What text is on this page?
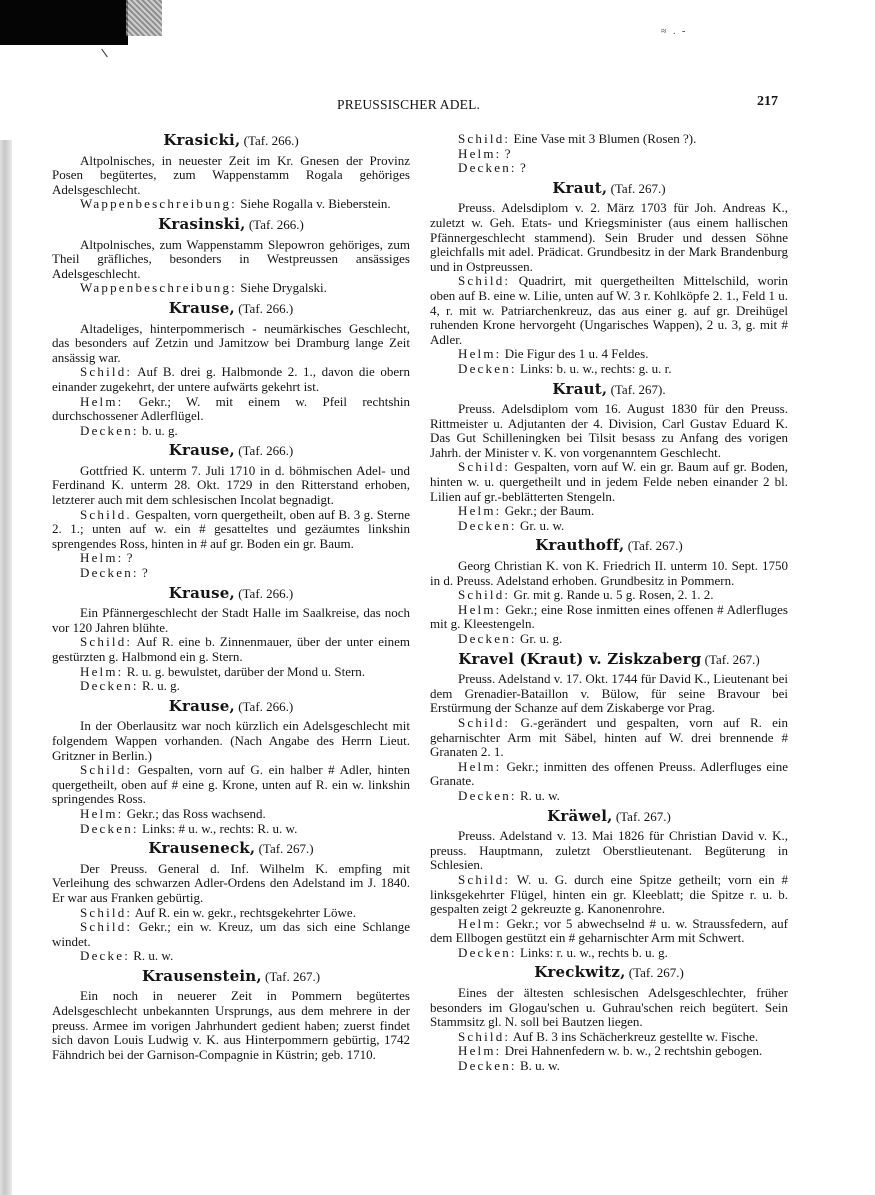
≈ . -
PREUSSISCHER ADEL.	217
Krasicki, (Taf. 266.)

Altpolnisches, in neuester Zeit im Kr. Gnesen der Provinz Posen begütertes, zum Wappenstamm Rogala gehöriges Adelsgeschlecht.

Wappenbeschreibung: Siehe Rogalla v. Bieberstein.

Krasinski, (Taf. 266.)

Altpolnisches, zum Wappenstamm Slepowron gehöriges, zum Theil gräfliches, besonders in Westpreussen ansässiges Adelsgeschlecht.

Wappenbeschreibung: Siehe Drygalski.

Krause, (Taf. 266.)

Altadeliges, hinterpommerisch - neumärkisches Geschlecht, das besonders auf Zetzin und Jamitzow bei Dramburg lange Zeit ansässig war.

Schild: Auf B. drei g. Halbmonde 2. 1., davon die obern einander zugekehrt, der untere aufwärts gekehrt ist.

Helm: Gekr.; W. mit einem w. Pfeil rechtshin durchschossener Adlerflügel.

Decken: b. u. g.

Krause, (Taf. 266.)

Gottfried K. unterm 7. Juli 1710 in d. böhmischen Adel- und Ferdinand K. unterm 28. Okt. 1729 in den Ritterstand erhoben, letzterer auch mit dem schlesischen Incolat begnadigt.

Schild. Gespalten, vorn quergetheilt, oben auf B. 3 g. Sterne 2. 1.; unten auf w. ein # gesatteltes und gezäumtes linkshin sprengendes Ross, hinten in # auf gr. Boden ein gr. Baum.

Helm: ?

Decken: ?

Krause, (Taf. 266.)

Ein Pfännergeschlecht der Stadt Halle im Saalkreise, das noch vor 120 Jahren blühte.

Schild: Auf R. eine b. Zinnenmauer, über der unter einem gestürzten g. Halbmond ein g. Stern.

Helm: R. u. g. bewulstet, darüber der Mond u. Stern.

Decken: R. u. g.

Krause, (Taf. 266.)

In der Oberlausitz war noch kürzlich ein Adelsgeschlecht mit folgendem Wappen vorhanden. (Nach Angabe des Herrn Lieut. Gritzner in Berlin.)

Schild: Gespalten, vorn auf G. ein halber # Adler, hinten quergetheilt, oben auf # eine g. Krone, unten auf R. ein w. linkshin springendes Ross.

Helm: Gekr.; das Ross wachsend.

Decken: Links: # u. w., rechts: R. u. w.

Krauseneck, (Taf. 267.)

Der Preuss. General d. Inf. Wilhelm K. empfing mit Verleihung des schwarzen Adler-Ordens den Adelstand im J. 1840. Er war aus Franken gebürtig.

Schild: Auf R. ein w. gekr., rechtsgekehrter Löwe.

Schild: Gekr.; ein w. Kreuz, um das sich eine Schlange windet.

Decke: R. u. w.

Krausenstein, (Taf. 267.)

Ein noch in neuerer Zeit in Pommern begütertes Adelsgeschlecht unbekannten Ursprungs, aus dem mehrere in der preuss. Armee im vorigen Jahrhundert gedient haben; zuerst findet sich davon Louis Ludwig v. K. aus Hinterpommern gebürtig, 1742 Fähndrich bei der Garnison-Compagnie in Küstrin; geb. 1710.

Schild: Eine Vase mit 3 Blumen (Rosen ?).

Helm: ?

Decken: ?

Kraut, (Taf. 267.)

Preuss. Adelsdiplom v. 2. März 1703 für Joh. Andreas K., zuletzt w. Geh. Etats- und Kriegsminister (aus einem hallischen Pfännergeschlecht stammend). Sein Bruder und dessen Söhne gleichfalls mit adel. Prädicat. Grundbesitz in der Mark Brandenburg und in Ostpreussen.

Schild: Quadrirt, mit quergetheilten Mittelschild, worin oben auf B. eine w. Lilie, unten auf W. 3 r. Kohlköpfe 2. 1., Feld 1 u. 4, r. mit w. Patriarchenkreuz, das aus einer g. auf gr. Dreihügel ruhenden Krone hervorgeht (Ungarisches Wappen), 2 u. 3, g. mit # Adler.

Helm: Die Figur des 1 u. 4 Feldes.

Decken: Links: b. u. w., rechts: g. u. r.

Kraut, (Taf. 267).

Preuss. Adelsdiplom vom 16. August 1830 für den Preuss. Rittmeister u. Adjutanten der 4. Division, Carl Gustav Eduard K. Das Gut Schilleningken bei Tilsit besass zu Anfang des vorigen Jahrh. der Minister v. K. von vorgenanntem Geschlecht.

Schild: Gespalten, vorn auf W. ein gr. Baum auf gr. Boden, hinten w. u. quergetheilt und in jedem Felde neben einander 2 bl. Lilien auf gr.-beblätterten Stengeln.

Helm: Gekr.; der Baum.

Decken: Gr. u. w.

Krauthoff, (Taf. 267.)

Georg Christian K. von K. Friedrich II. unterm 10. Sept. 1750 in d. Preuss. Adelstand erhoben. Grundbesitz in Pommern.

Schild: Gr. mit g. Rande u. 5 g. Rosen, 2. 1. 2.

Helm: Gekr.; eine Rose inmitten eines offenen # Adlerfluges mit g. Kleestengeln.

Decken: Gr. u. g.

Kravel (Kraut) v. Ziskzaberg (Taf. 267.)

Preuss. Adelstand v. 17. Okt. 1744 für David K., Lieutenant bei dem Grenadier-Bataillon v. Bülow, für seine Bravour bei Erstürmung der Schanze auf dem Ziskaberge vor Prag.

Schild: G.-gerändert und gespalten, vorn auf R. ein geharnischter Arm mit Säbel, hinten auf W. drei brennende # Granaten 2. 1.

Helm: Gekr.; inmitten des offenen Preuss. Adlerfluges eine Granate.

Decken: R. u. w.

Kräwel, (Taf. 267.)

Preuss. Adelstand v. 13. Mai 1826 für Christian David v. K., preuss. Hauptmann, zuletzt Oberstlieutenant. Begüterung in Schlesien.

Schild: W. u. G. durch eine Spitze getheilt; vorn ein # linksgekehrter Flügel, hinten ein gr. Kleeblatt; die Spitze r. u. b. gespalten zeigt 2 gekreuzte g. Kanonenrohre.

Helm: Gekr.; vor 5 abwechselnd # u. w. Straussfedern, auf dem Ellbogen gestützt ein # geharnischter Arm mit Schwert.

Decken: Links: r. u. w., rechts b. u. g.

Kreckwitz, (Taf. 267.)

Eines der ältesten schlesischen Adelsgeschlechter, früher besonders im Glogau'schen u. Guhrau'schen reich begütert. Sein Stammsitz gl. N. soll bei Bautzen liegen.

Schild: Auf B. 3 ins Schächerkreuz gestellte w. Fische.

Helm: Drei Hahnenfedern w. b. w., 2 rechtshin gebogen.

Decken: B. u. w.
